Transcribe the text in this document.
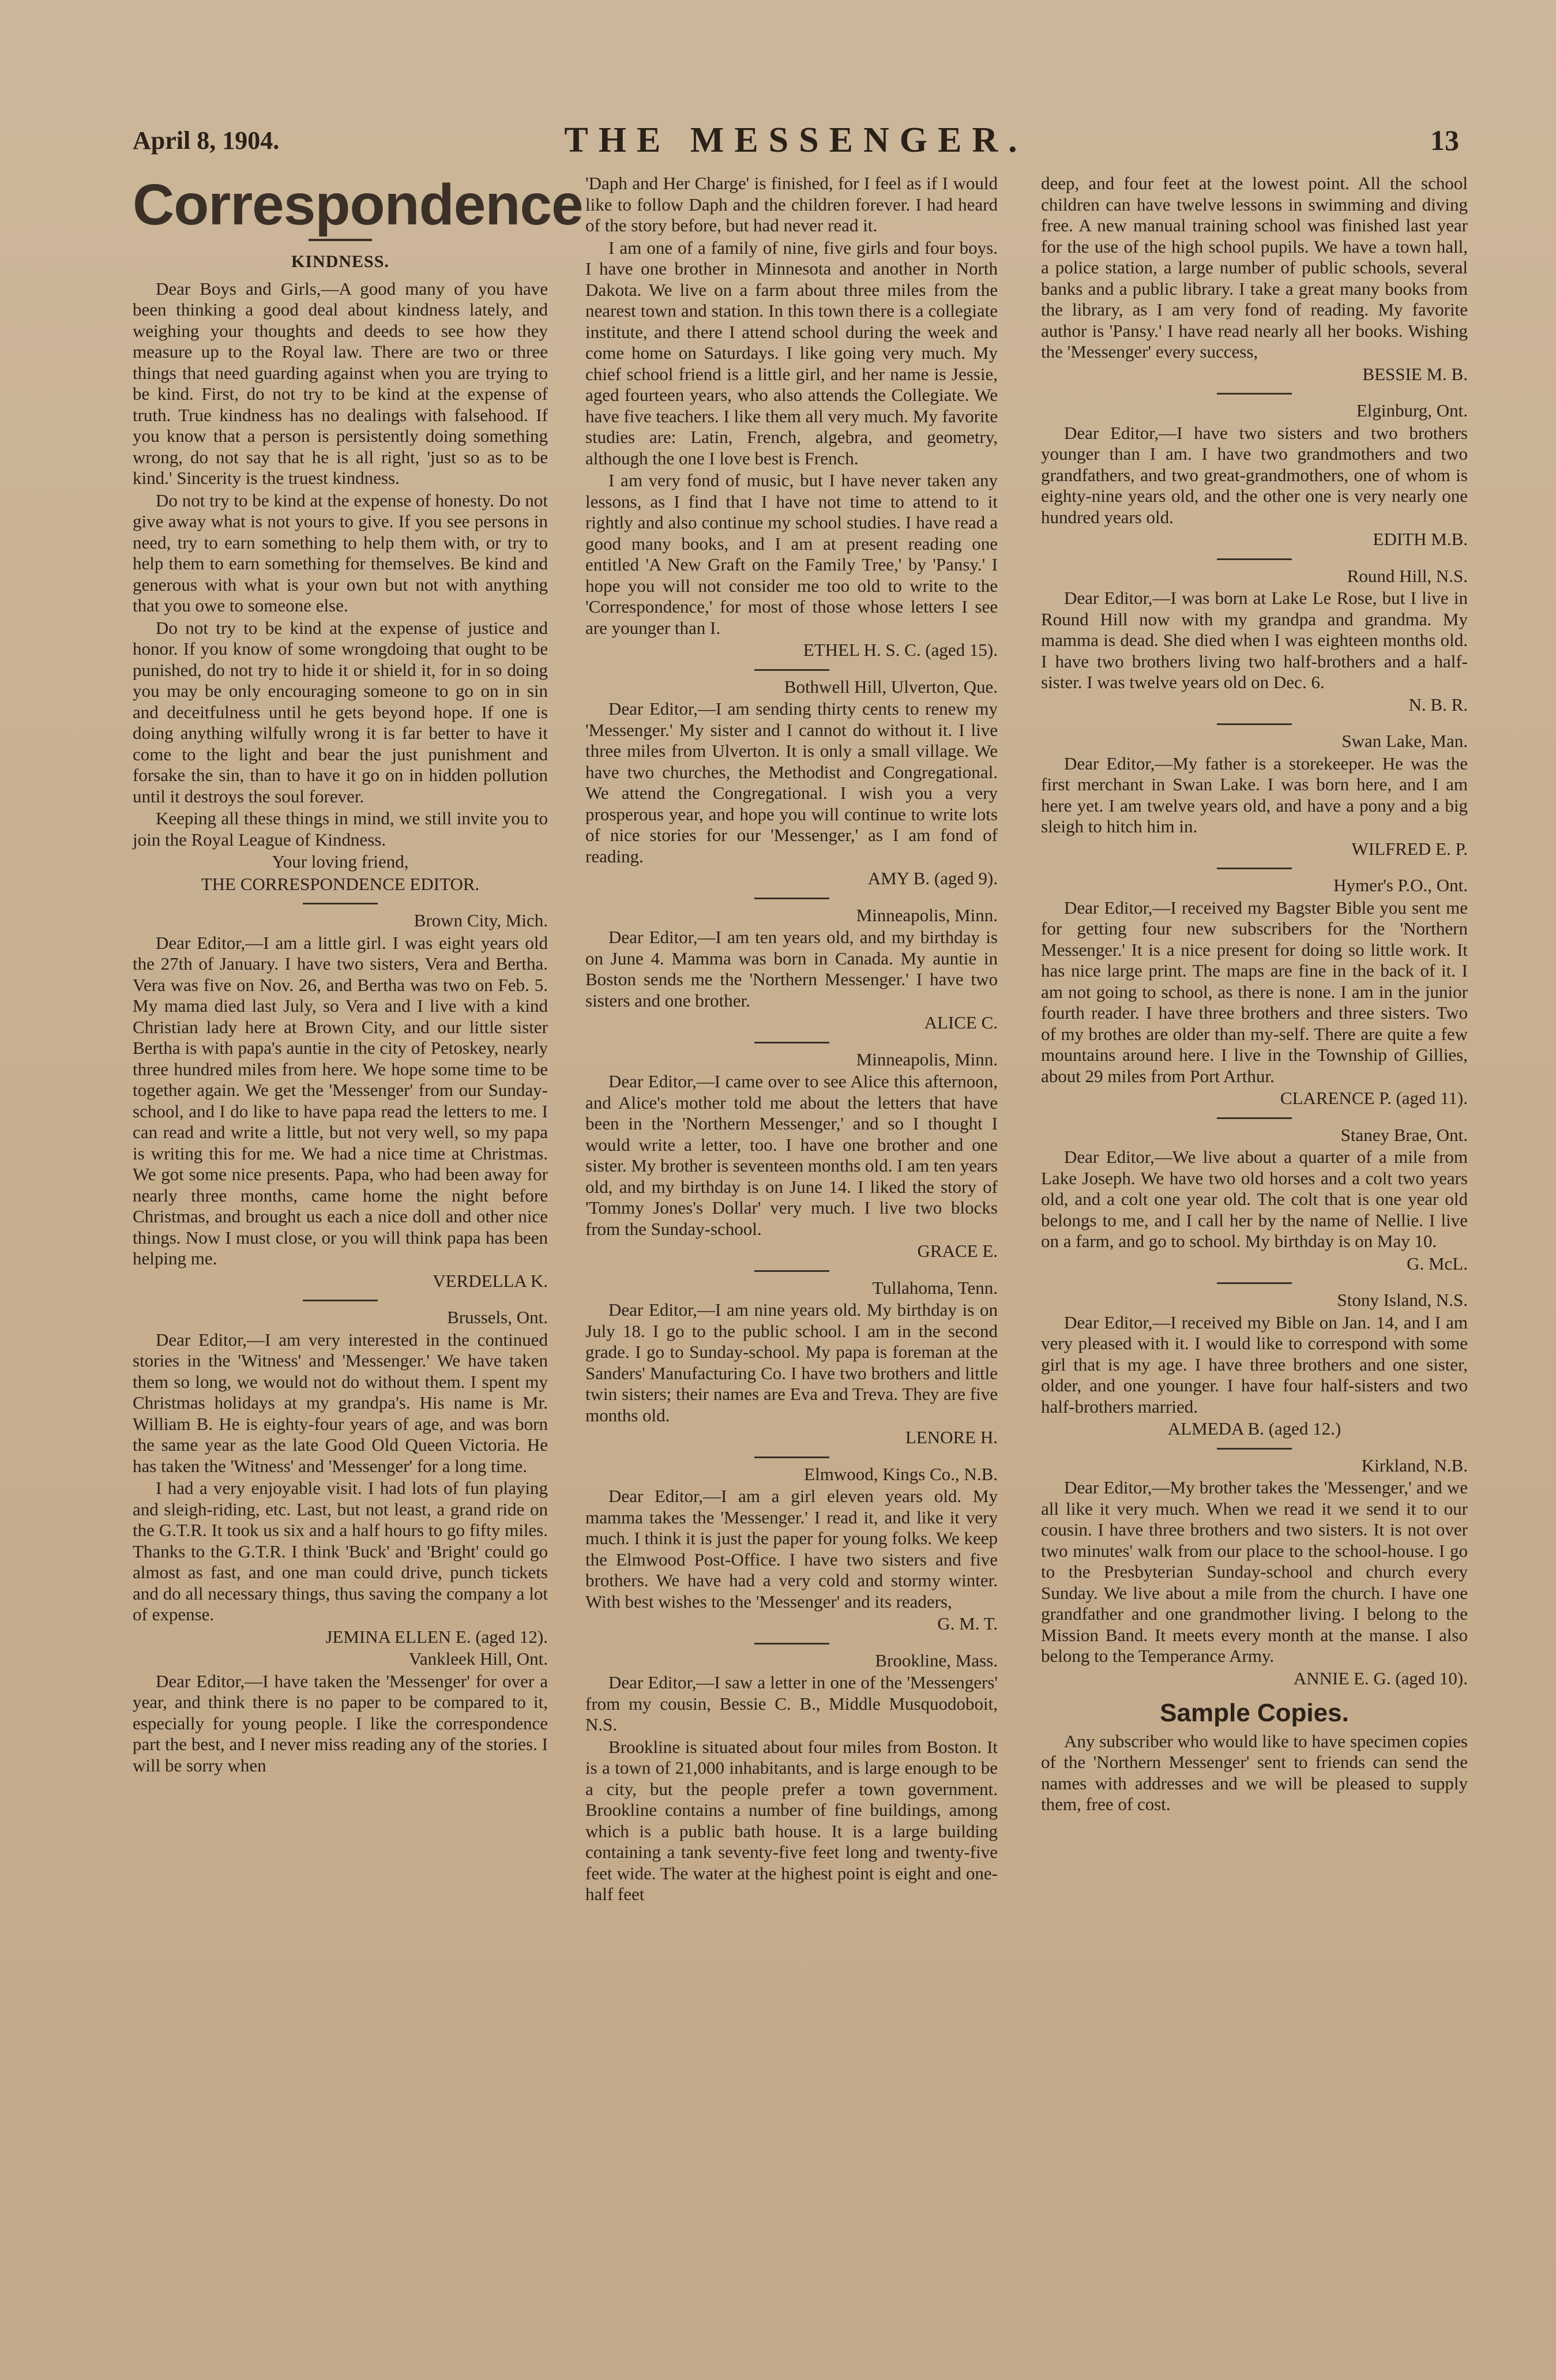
April 8, 1904.	THE MESSENGER.	13
Correspondence
KINDNESS.

Dear Boys and Girls,—A good many of you have been thinking a good deal about kindness lately, and weighing your thoughts and deeds to see how they measure up to the Royal law. There are two or three things that need guarding against when you are trying to be kind. First, do not try to be kind at the expense of truth. True kindness has no dealings with falsehood. If you know that a person is persistently doing something wrong, do not say that he is all right, 'just so as to be kind.' Sincerity is the truest kindness.

Do not try to be kind at the expense of honesty. Do not give away what is not yours to give. If you see persons in need, try to earn something to help them with, or try to help them to earn something for themselves. Be kind and generous with what is your own but not with anything that you owe to someone else.

Do not try to be kind at the expense of justice and honor. If you know of some wrongdoing that ought to be punished, do not try to hide it or shield it, for in so doing you may be only encouraging someone to go on in sin and deceitfulness until he gets beyond hope. If one is doing anything wilfully wrong it is far better to have it come to the light and bear the just punishment and forsake the sin, than to have it go on in hidden pollution until it destroys the soul forever.

Keeping all these things in mind, we still invite you to join the Royal League of Kindness.

Your loving friend,

THE CORRESPONDENCE EDITOR.

Brown City, Mich.

Dear Editor,—I am a little girl. I was eight years old the 27th of January. I have two sisters, Vera and Bertha. Vera was five on Nov. 26, and Bertha was two on Feb. 5. My mama died last July, so Vera and I live with a kind Christian lady here at Brown City, and our little sister Bertha is with papa's auntie in the city of Petoskey, nearly three hundred miles from here. We hope some time to be together again. We get the 'Messenger' from our Sunday-school, and I do like to have papa read the letters to me. I can read and write a little, but not very well, so my papa is writing this for me. We had a nice time at Christmas. We got some nice presents. Papa, who had been away for nearly three months, came home the night before Christmas, and brought us each a nice doll and other nice things. Now I must close, or you will think papa has been helping me.

VERDELLA K.

Brussels, Ont.

Dear Editor,—I am very interested in the continued stories in the 'Witness' and 'Messenger.' We have taken them so long, we would not do without them. I spent my Christmas holidays at my grandpa's. His name is Mr. William B. He is eighty-four years of age, and was born the same year as the late Good Old Queen Victoria. He has taken the 'Witness' and 'Messenger' for a long time.

I had a very enjoyable visit. I had lots of fun playing and sleigh-riding, etc. Last, but not least, a grand ride on the G.T.R. It took us six and a half hours to go fifty miles. Thanks to the G.T.R. I think 'Buck' and 'Bright' could go almost as fast, and one man could drive, punch tickets and do all necessary things, thus saving the company a lot of expense.

JEMINA ELLEN E. (aged 12).

Vankleek Hill, Ont.

Dear Editor,—I have taken the 'Messenger' for over a year, and think there is no paper to be compared to it, especially for young people. I like the correspondence part the best, and I never miss reading any of the stories. I will be sorry when

'Daph and Her Charge' is finished, for I feel as if I would like to follow Daph and the children forever. I had heard of the story before, but had never read it.

I am one of a family of nine, five girls and four boys. I have one brother in Minnesota and another in North Dakota. We live on a farm about three miles from the nearest town and station. In this town there is a collegiate institute, and there I attend school during the week and come home on Saturdays. I like going very much. My chief school friend is a little girl, and her name is Jessie, aged fourteen years, who also attends the Collegiate. We have five teachers. I like them all very much. My favorite studies are: Latin, French, algebra, and geometry, although the one I love best is French.

I am very fond of music, but I have never taken any lessons, as I find that I have not time to attend to it rightly and also continue my school studies. I have read a good many books, and I am at present reading one entitled 'A New Graft on the Family Tree,' by 'Pansy.' I hope you will not consider me too old to write to the 'Correspondence,' for most of those whose letters I see are younger than I.

ETHEL H. S. C. (aged 15).

Bothwell Hill, Ulverton, Que.

Dear Editor,—I am sending thirty cents to renew my 'Messenger.' My sister and I cannot do without it. I live three miles from Ulverton. It is only a small village. We have two churches, the Methodist and Congregational. We attend the Congregational. I wish you a very prosperous year, and hope you will continue to write lots of nice stories for our 'Messenger,' as I am fond of reading.

AMY B. (aged 9).

Minneapolis, Minn.

Dear Editor,—I am ten years old, and my birthday is on June 4. Mamma was born in Canada. My auntie in Boston sends me the 'Northern Messenger.' I have two sisters and one brother.

ALICE C.

Minneapolis, Minn.

Dear Editor,—I came over to see Alice this afternoon, and Alice's mother told me about the letters that have been in the 'Northern Messenger,' and so I thought I would write a letter, too. I have one brother and one sister. My brother is seventeen months old. I am ten years old, and my birthday is on June 14. I liked the story of 'Tommy Jones's Dollar' very much. I live two blocks from the Sunday-school.

GRACE E.

Tullahoma, Tenn.

Dear Editor,—I am nine years old. My birthday is on July 18. I go to the public school. I am in the second grade. I go to Sunday-school. My papa is foreman at the Sanders' Manufacturing Co. I have two brothers and little twin sisters; their names are Eva and Treva. They are five months old.

LENORE H.

Elmwood, Kings Co., N.B.

Dear Editor,—I am a girl eleven years old. My mamma takes the 'Messenger.' I read it, and like it very much. I think it is just the paper for young folks. We keep the Elmwood Post-Office. I have two sisters and five brothers. We have had a very cold and stormy winter. With best wishes to the 'Messenger' and its readers,

G. M. T.

Brookline, Mass.

Dear Editor,—I saw a letter in one of the 'Messengers' from my cousin, Bessie C. B., Middle Musquodoboit, N.S.

Brookline is situated about four miles from Boston. It is a town of 21,000 inhabitants, and is large enough to be a city, but the people prefer a town government. Brookline contains a number of fine buildings, among which is a public bath house. It is a large building containing a tank seventy-five feet long and twenty-five feet wide. The water at the highest point is eight and one-half feet

deep, and four feet at the lowest point. All the school children can have twelve lessons in swimming and diving free. A new manual training school was finished last year for the use of the high school pupils. We have a town hall, a police station, a large number of public schools, several banks and a public library. I take a great many books from the library, as I am very fond of reading. My favorite author is 'Pansy.' I have read nearly all her books. Wishing the 'Messenger' every success,

BESSIE M. B.

Elginburg, Ont.

Dear Editor,—I have two sisters and two brothers younger than I am. I have two grandmothers and two grandfathers, and two great-grandmothers, one of whom is eighty-nine years old, and the other one is very nearly one hundred years old.

EDITH M.B.

Round Hill, N.S.

Dear Editor,—I was born at Lake Le Rose, but I live in Round Hill now with my grandpa and grandma. My mamma is dead. She died when I was eighteen months old. I have two brothers living two half-brothers and a half-sister. I was twelve years old on Dec. 6.

N. B. R.

Swan Lake, Man.

Dear Editor,—My father is a storekeeper. He was the first merchant in Swan Lake. I was born here, and I am here yet. I am twelve years old, and have a pony and a big sleigh to hitch him in.

WILFRED E. P.

Hymer's P.O., Ont.

Dear Editor,—I received my Bagster Bible you sent me for getting four new subscribers for the 'Northern Messenger.' It is a nice present for doing so little work. It has nice large print. The maps are fine in the back of it. I am not going to school, as there is none. I am in the junior fourth reader. I have three brothers and three sisters. Two of my brothes are older than my-self. There are quite a few mountains around here. I live in the Township of Gillies, about 29 miles from Port Arthur.

CLARENCE P. (aged 11).

Staney Brae, Ont.

Dear Editor,—We live about a quarter of a mile from Lake Joseph. We have two old horses and a colt two years old, and a colt one year old. The colt that is one year old belongs to me, and I call her by the name of Nellie. I live on a farm, and go to school. My birthday is on May 10.

G. McL.

Stony Island, N.S.

Dear Editor,—I received my Bible on Jan. 14, and I am very pleased with it. I would like to correspond with some girl that is my age. I have three brothers and one sister, older, and one younger. I have four half-sisters and two half-brothers married.

ALMEDA B. (aged 12.)

Kirkland, N.B.

Dear Editor,—My brother takes the 'Messenger,' and we all like it very much. When we read it we send it to our cousin. I have three brothers and two sisters. It is not over two minutes' walk from our place to the school-house. I go to the Presbyterian Sunday-school and church every Sunday. We live about a mile from the church. I have one grandfather and one grandmother living. I belong to the Mission Band. It meets every month at the manse. I also belong to the Temperance Army.

ANNIE E. G. (aged 10).

Sample Copies.

Any subscriber who would like to have specimen copies of the 'Northern Messenger' sent to friends can send the names with addresses and we will be pleased to supply them, free of cost.
